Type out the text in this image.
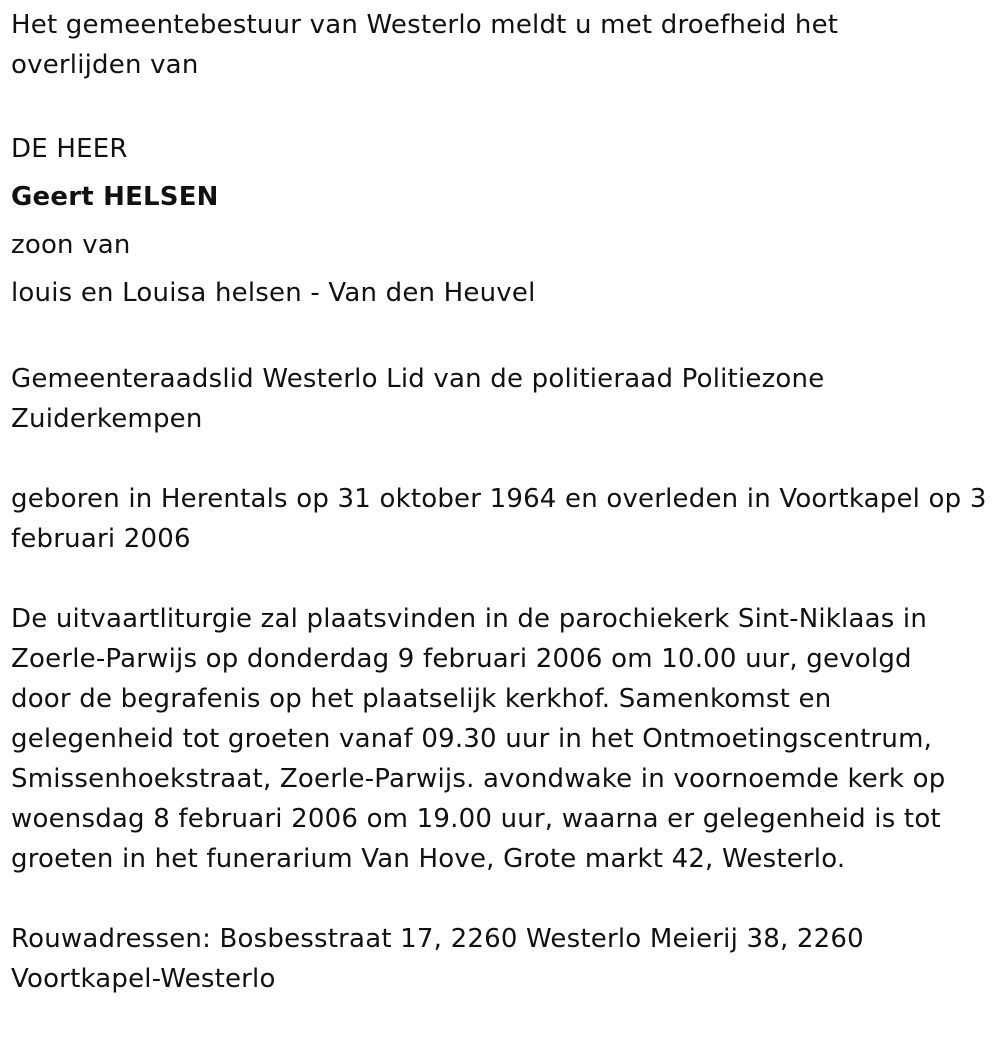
Het gemeentebestuur van Westerlo meldt u met droefheid het
overlijden van
DE HEER
Geert HELSEN
zoon van
louis en Louisa helsen - Van den Heuvel
Gemeenteraadslid Westerlo Lid van de politieraad Politiezone
Zuiderkempen
geboren in Herentals op 31 oktober 1964 en overleden in Voortkapel op 3
februari 2006
De uitvaartliturgie zal plaatsvinden in de parochiekerk Sint-Niklaas in
Zoerle-Parwijs op donderdag 9 februari 2006 om 10.00 uur, gevolgd
door de begrafenis op het plaatselijk kerkhof. Samenkomst en
gelegenheid tot groeten vanaf 09.30 uur in het Ontmoetingscentrum,
Smissenhoekstraat, Zoerle-Parwijs. avondwake in voornoemde kerk op
woensdag 8 februari 2006 om 19.00 uur, waarna er gelegenheid is tot
groeten in het funerarium Van Hove, Grote markt 42, Westerlo.
Rouwadressen: Bosbesstraat 17, 2260 Westerlo Meierij 38, 2260
Voortkapel-Westerlo
